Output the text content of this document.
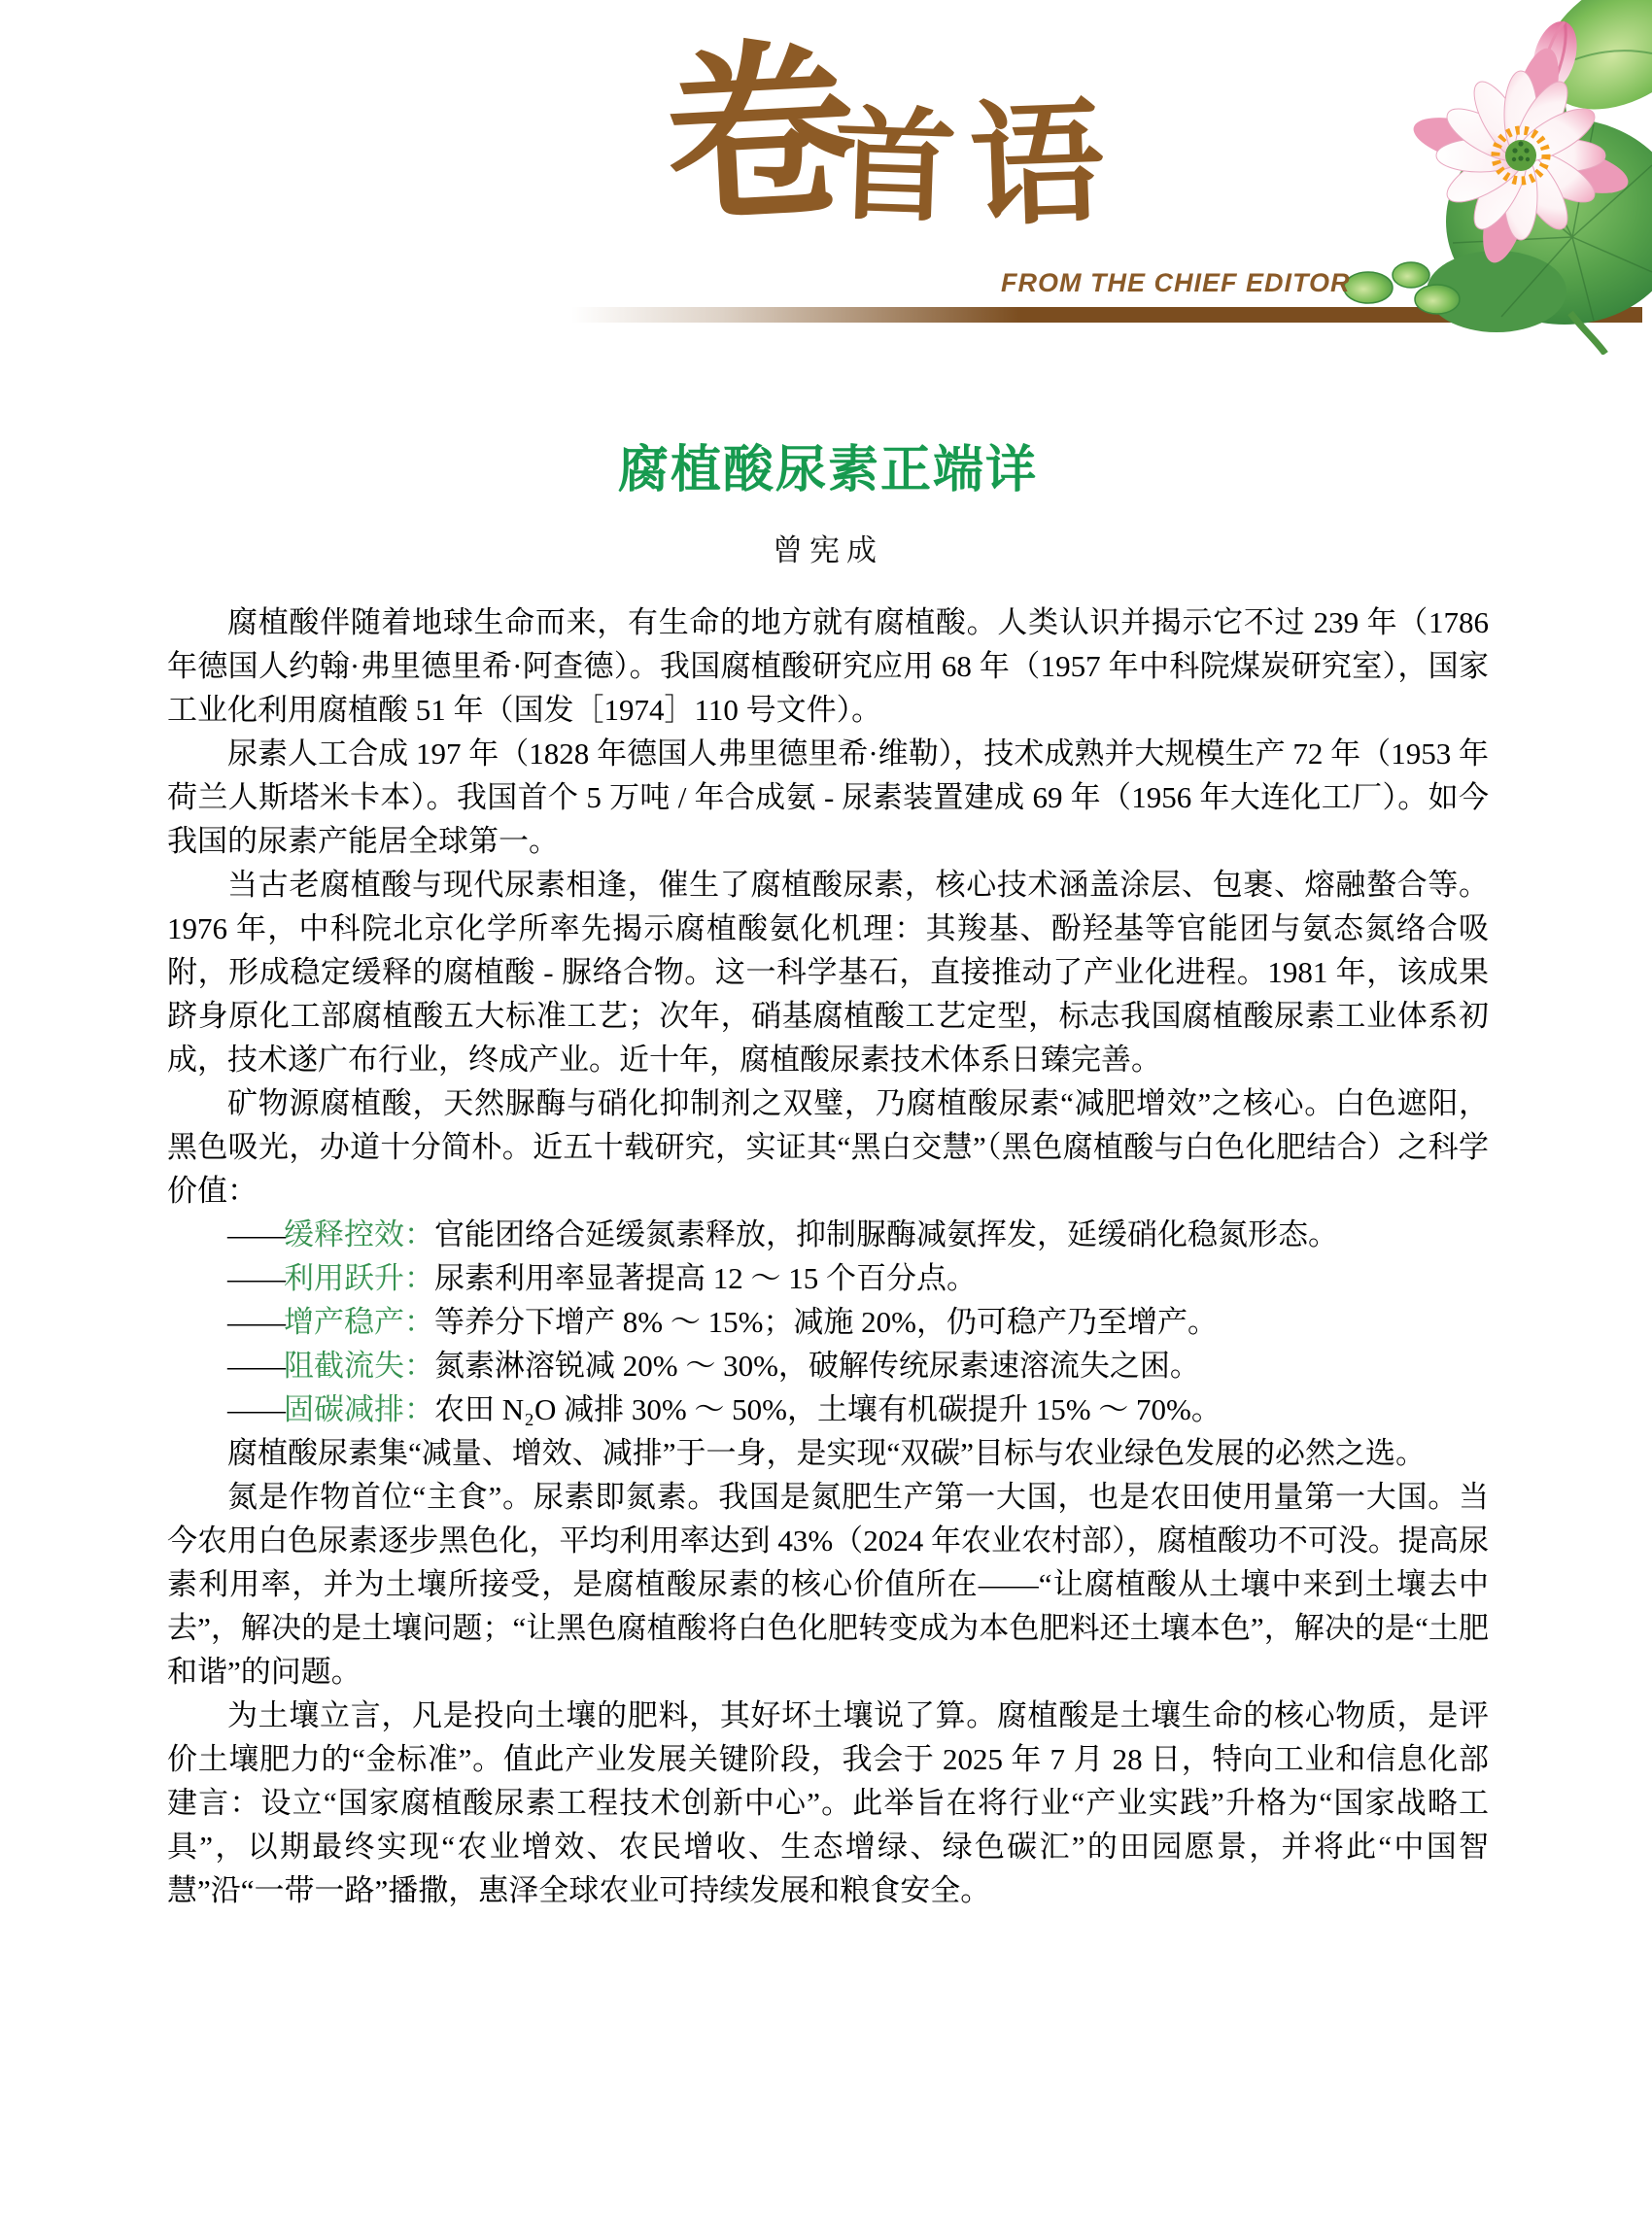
卷
首 语
FROM THE CHIEF EDITOR
腐植酸尿素正端详
曾宪成

腐植酸伴随着地球生命而来，有生命的地方就有腐植酸。人类认识并揭示它不过 239 年（1786 年德国人约翰·弗里德里希·阿查德）。我国腐植酸研究应用 68 年（1957 年中科院煤炭研究室），国家工业化利用腐植酸 51 年（国发［1974］110 号文件）。

尿素人工合成 197 年（1828 年德国人弗里德里希·维勒），技术成熟并大规模生产 72 年（1953 年荷兰人斯塔米卡本）。我国首个 5 万吨 / 年合成氨 - 尿素装置建成 69 年（1956 年大连化工厂）。如今我国的尿素产能居全球第一。

当古老腐植酸与现代尿素相逢，催生了腐植酸尿素，核心技术涵盖涂层、包裹、熔融螯合等。1976 年，中科院北京化学所率先揭示腐植酸氨化机理：其羧基、酚羟基等官能团与氨态氮络合吸附，形成稳定缓释的腐植酸 - 脲络合物。这一科学基石，直接推动了产业化进程。1981 年，该成果跻身原化工部腐植酸五大标准工艺；次年，硝基腐植酸工艺定型，标志我国腐植酸尿素工业体系初成，技术遂广布行业，终成产业。近十年，腐植酸尿素技术体系日臻完善。

矿物源腐植酸，天然脲酶与硝化抑制剂之双璧，乃腐植酸尿素“减肥增效”之核心。白色遮阳，黑色吸光，办道十分简朴。近五十载研究，实证其“黑白交慧”（黑色腐植酸与白色化肥结合）之科学价值：

——缓释控效：官能团络合延缓氮素释放，抑制脲酶减氨挥发，延缓硝化稳氮形态。

——利用跃升：尿素利用率显著提高 12 ～ 15 个百分点。

——增产稳产：等养分下增产 8% ～ 15%；减施 20%，仍可稳产乃至增产。

——阻截流失：氮素淋溶锐减 20% ～ 30%，破解传统尿素速溶流失之困。

——固碳减排：农田 N₂O 减排 30% ～ 50%，土壤有机碳提升 15% ～ 70%。

腐植酸尿素集“减量、增效、减排”于一身，是实现“双碳”目标与农业绿色发展的必然之选。

氮是作物首位“主食”。尿素即氮素。我国是氮肥生产第一大国，也是农田使用量第一大国。当今农用白色尿素逐步黑色化，平均利用率达到 43%（2024 年农业农村部），腐植酸功不可没。提高尿素利用率，并为土壤所接受，是腐植酸尿素的核心价值所在——“让腐植酸从土壤中来到土壤去中去”，解决的是土壤问题；“让黑色腐植酸将白色化肥转变成为本色肥料还土壤本色”，解决的是“土肥和谐”的问题。

为土壤立言，凡是投向土壤的肥料，其好坏土壤说了算。腐植酸是土壤生命的核心物质，是评价土壤肥力的“金标准”。值此产业发展关键阶段，我会于 2025 年 7 月 28 日，特向工业和信息化部建言：设立“国家腐植酸尿素工程技术创新中心”。此举旨在将行业“产业实践”升格为“国家战略工具”，以期最终实现“农业增效、农民增收、生态增绿、绿色碳汇”的田园愿景，并将此“中国智慧”沿“一带一路”播撒，惠泽全球农业可持续发展和粮食安全。
